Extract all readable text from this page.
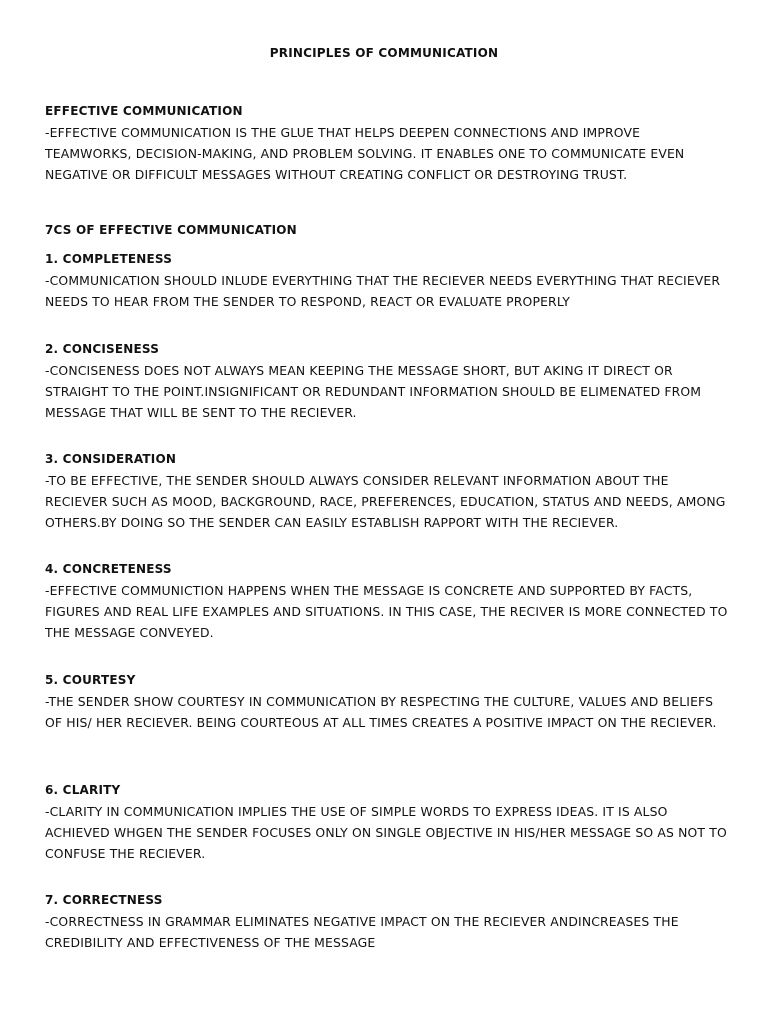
PRINCIPLES OF COMMUNICATION
EFFECTIVE COMMUNICATION

-EFFECTIVE COMMUNICATION IS THE GLUE THAT HELPS DEEPEN CONNECTIONS AND IMPROVE TEAMWORKS, DECISION-MAKING, AND PROBLEM SOLVING. IT ENABLES ONE TO COMMUNICATE EVEN NEGATIVE OR DIFFICULT MESSAGES WITHOUT CREATING CONFLICT OR DESTROYING TRUST.

7CS OF EFFECTIVE COMMUNICATION
1. COMPLETENESS

-COMMUNICATION SHOULD INLUDE EVERYTHING THAT THE RECIEVER NEEDS EVERYTHING THAT RECIEVER NEEDS TO HEAR FROM THE SENDER TO RESPOND, REACT OR EVALUATE PROPERLY

2. CONCISENESS

-CONCISENESS DOES NOT ALWAYS MEAN KEEPING THE MESSAGE SHORT, BUT AKING IT DIRECT OR STRAIGHT TO THE POINT.INSIGNIFICANT OR REDUNDANT INFORMATION SHOULD BE ELIMENATED FROM MESSAGE THAT WILL BE SENT TO THE RECIEVER.

3. CONSIDERATION

-TO BE EFFECTIVE, THE SENDER SHOULD ALWAYS CONSIDER RELEVANT INFORMATION ABOUT THE RECIEVER SUCH AS MOOD, BACKGROUND, RACE, PREFERENCES, EDUCATION, STATUS AND NEEDS, AMONG OTHERS.BY DOING SO THE SENDER CAN EASILY ESTABLISH RAPPORT WITH THE RECIEVER.

4. CONCRETENESS

-EFFECTIVE COMMUNICTION HAPPENS WHEN THE MESSAGE IS CONCRETE AND SUPPORTED BY FACTS, FIGURES AND REAL LIFE EXAMPLES AND SITUATIONS. IN THIS CASE, THE RECIVER IS MORE CONNECTED TO THE MESSAGE CONVEYED.

5. COURTESY

-THE SENDER SHOW COURTESY IN COMMUNICATION BY RESPECTING THE CULTURE, VALUES AND BELIEFS OF HIS/ HER RECIEVER. BEING COURTEOUS AT ALL TIMES CREATES A POSITIVE IMPACT ON THE RECIEVER.

6. CLARITY

-CLARITY IN COMMUNICATION IMPLIES THE USE OF SIMPLE WORDS TO EXPRESS IDEAS. IT IS ALSO ACHIEVED WHGEN THE SENDER FOCUSES ONLY ON SINGLE OBJECTIVE IN HIS/HER MESSAGE SO AS NOT TO CONFUSE THE RECIEVER.

7. CORRECTNESS

-CORRECTNESS IN GRAMMAR ELIMINATES NEGATIVE IMPACT ON THE RECIEVER ANDINCREASES THE CREDIBILITY AND EFFECTIVENESS OF THE MESSAGE
